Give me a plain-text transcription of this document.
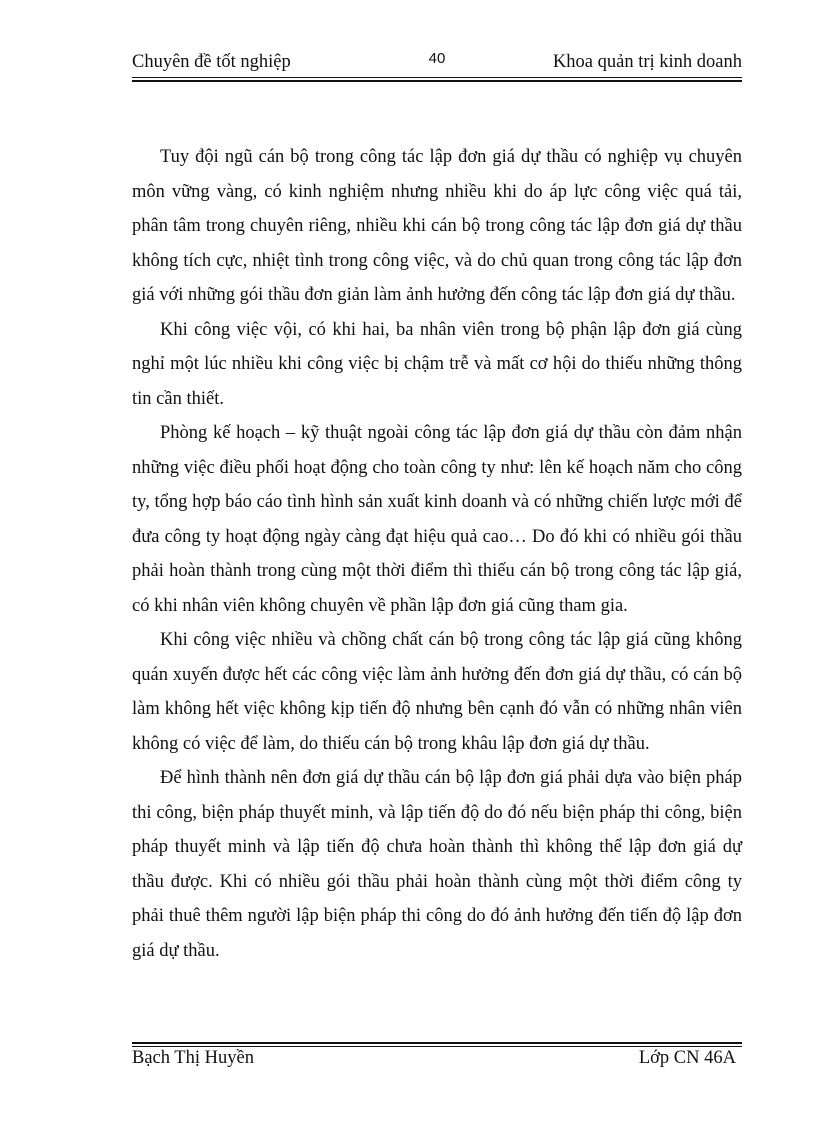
Chuyên đề tốt nghiệp	40	Khoa quản trị kinh doanh

Tuy đội ngũ cán bộ trong công tác lập đơn giá dự thầu có nghiệp vụ chuyên môn vững vàng, có kinh nghiệm nhưng nhiều khi do áp lực công việc quá tải, phân tâm trong chuyên riêng, nhiều khi cán bộ trong công tác lập đơn giá dự thầu không tích cực, nhiệt tình trong công việc, và do chủ quan trong công tác lập đơn giá với những gói thầu đơn giản làm ảnh hưởng đến công tác lập đơn giá dự thầu.

Khi công việc vội, có khi hai, ba nhân viên trong bộ phận lập đơn giá cùng nghỉ một lúc nhiều khi công việc bị chậm trễ và mất cơ hội do thiếu những thông tin cần thiết.

Phòng kế hoạch – kỹ thuật ngoài công tác lập đơn giá dự thầu còn đảm nhận những việc điều phối hoạt động cho toàn công ty như: lên kế hoạch năm cho công ty, tổng hợp báo cáo tình hình sản xuất kinh doanh và có những chiến lược mới để đưa công ty hoạt động ngày càng đạt hiệu quả cao… Do đó khi có nhiều gói thầu phải hoàn thành trong cùng một thời điểm thì thiếu cán bộ trong công tác lập giá, có khi nhân viên không chuyên về phần lập đơn giá cũng tham gia.

Khi công việc nhiều và chồng chất cán bộ trong công tác lập giá cũng không quán xuyến được hết các công việc làm ảnh hưởng đến đơn giá dự thầu, có cán bộ làm không hết việc không kịp tiến độ nhưng bên cạnh đó vẫn có những nhân viên không có việc để làm, do thiếu cán bộ trong khâu lập đơn giá dự thầu.

Để hình thành nên đơn giá dự thầu cán bộ lập đơn giá phải dựa vào biện pháp thi công, biện pháp thuyết minh, và lập tiến độ do đó nếu biện pháp thi công, biện pháp thuyết minh và lập tiến độ chưa hoàn thành thì không thể lập đơn giá dự thầu được. Khi có nhiều gói thầu phải hoàn thành cùng một thời điểm công ty phải thuê thêm người lập biện pháp thi công do đó ảnh hưởng đến tiến độ lập đơn giá dự thầu.

Bạch Thị Huyền	Lớp CN 46A
